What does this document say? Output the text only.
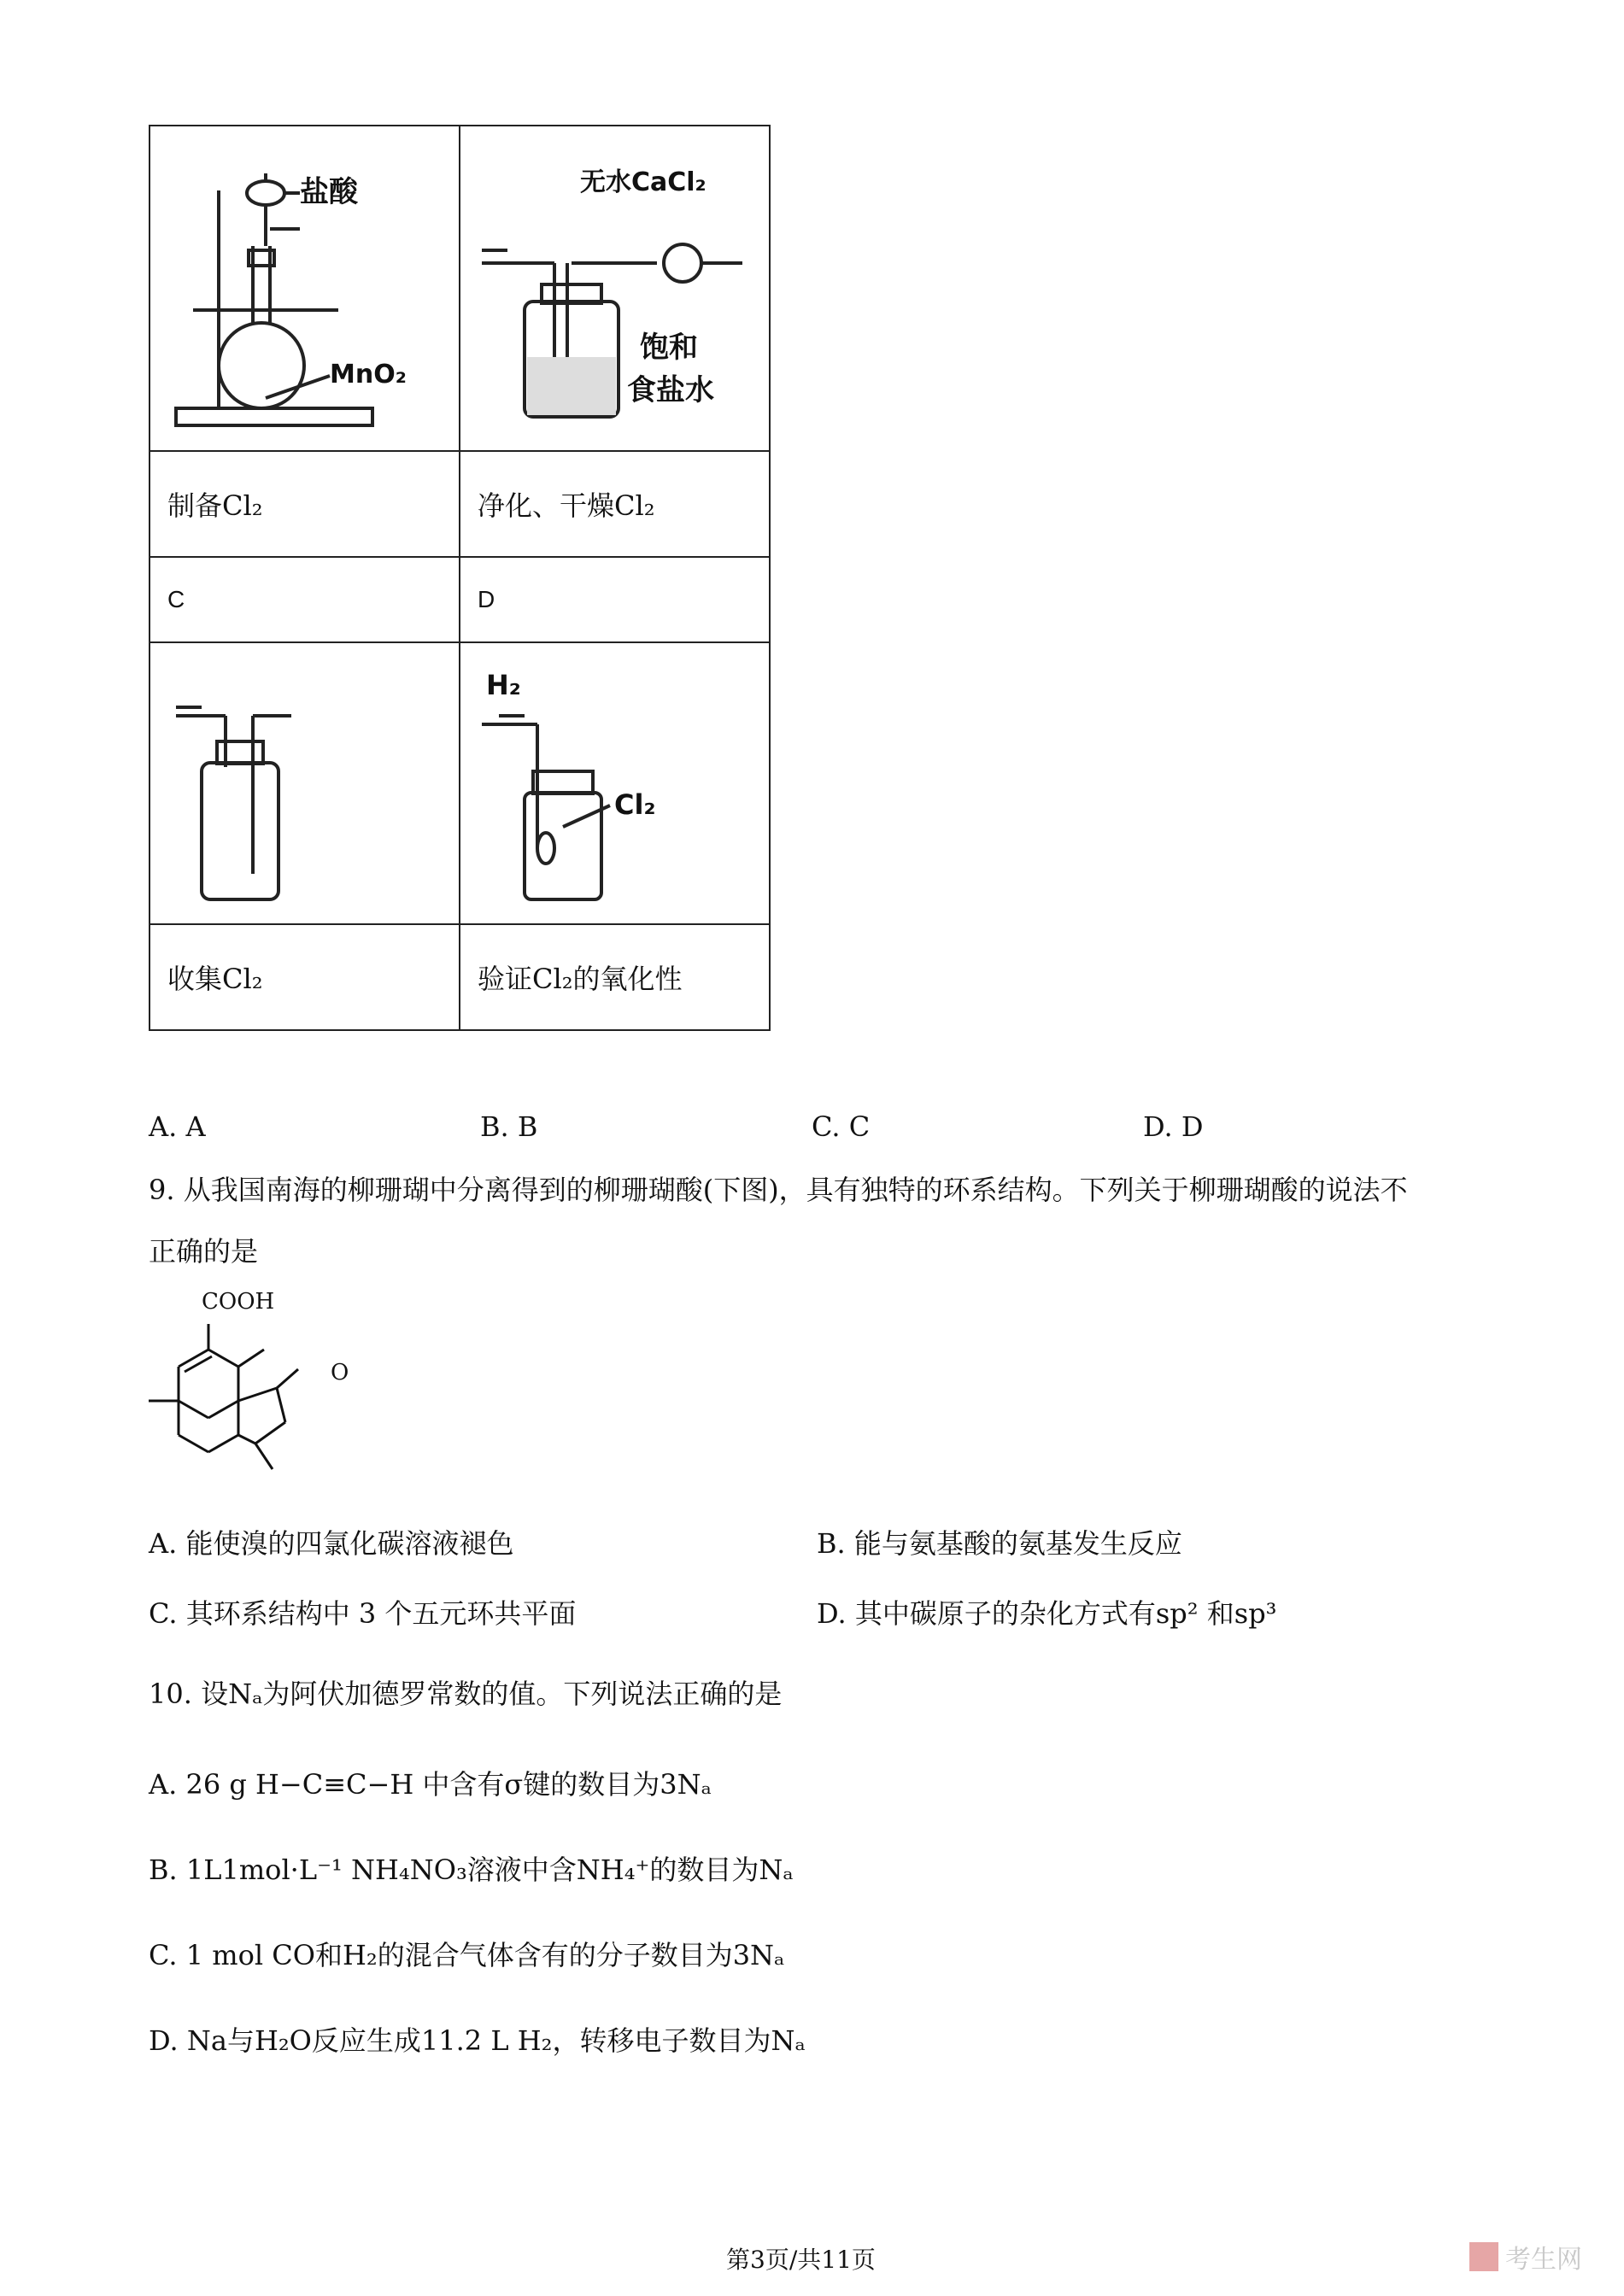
盐酸
MnO₂	无水CaCl₂
饱和
食盐水

制备Cl₂	净化、干燥Cl₂
C	D

H₂
Cl₂

收集Cl₂	验证Cl₂的氧化性
A. A	B. B	C. C	D. D
9. 从我国南海的柳珊瑚中分离得到的柳珊瑚酸(下图)，具有独特的环系结构。下列关于柳珊瑚酸的说法不
正确的是
COOH
O
A. 能使溴的四氯化碳溶液褪色	B. 能与氨基酸的氨基发生反应
C. 其环系结构中 3 个五元环共平面	D. 其中碳原子的杂化方式有sp² 和sp³
10. 设Nₐ为阿伏加德罗常数的值。下列说法正确的是
A. 26 g H−C≡C−H 中含有σ键的数目为3Nₐ
B. 1L1mol·L⁻¹ NH₄NO₃溶液中含NH₄⁺的数目为Nₐ
C. 1 mol CO和H₂的混合气体含有的分子数目为3Nₐ
D. Na与H₂O反应生成11.2 L H₂，转移电子数目为Nₐ
第3页/共11页	考生网
